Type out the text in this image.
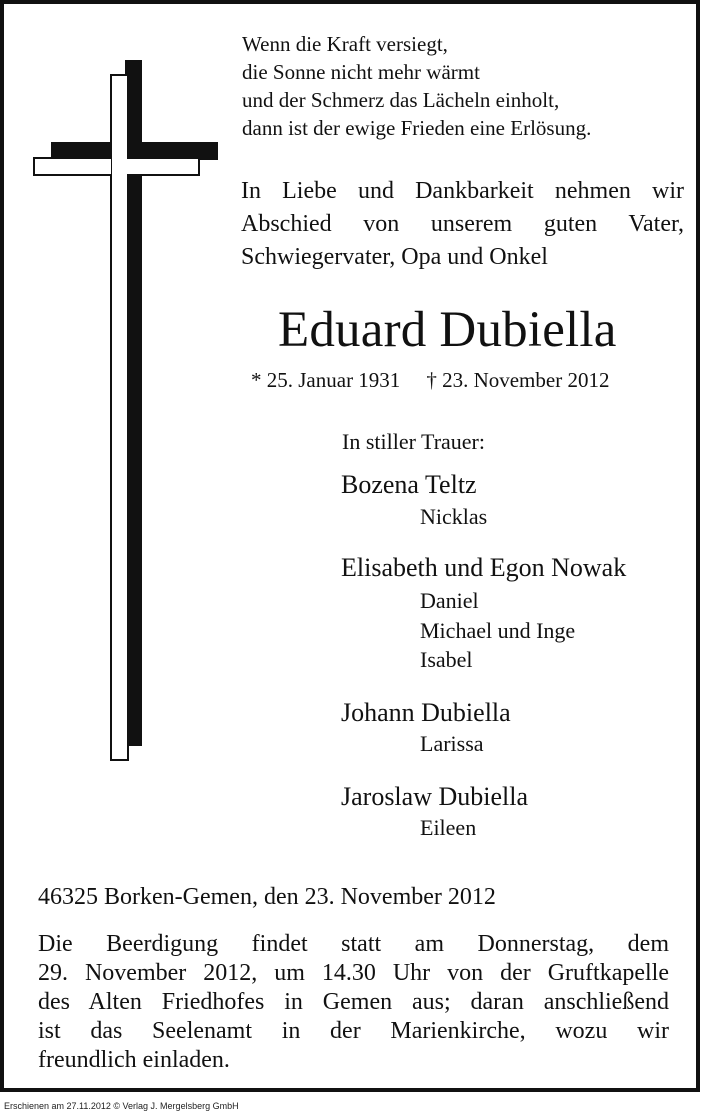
Wenn die Kraft versiegt,
die Sonne nicht mehr wärmt
und der Schmerz das Lächeln einholt,
dann ist der ewige Frieden eine Erlösung.
In Liebe und Dankbarkeit nehmen wir
Abschied von unserem guten Vater,
Schwiegervater, Opa und Onkel
Eduard Dubiella
* 25. Januar 1931 † 23. November 2012
In stiller Trauer:
Bozena Teltz
Nicklas
Elisabeth und Egon Nowak
Daniel
Michael und Inge
Isabel
Johann Dubiella
Larissa
Jaroslaw Dubiella
Eileen
46325 Borken-Gemen, den 23. November 2012
Die Beerdigung findet statt am Donnerstag, dem
29. November 2012, um 14.30 Uhr von der Gruftkapelle
des Alten Friedhofes in Gemen aus; daran anschließend
ist das Seelenamt in der Marienkirche, wozu wir
freundlich einladen.
Erschienen am 27.11.2012 © Verlag J. Mergelsberg GmbH
